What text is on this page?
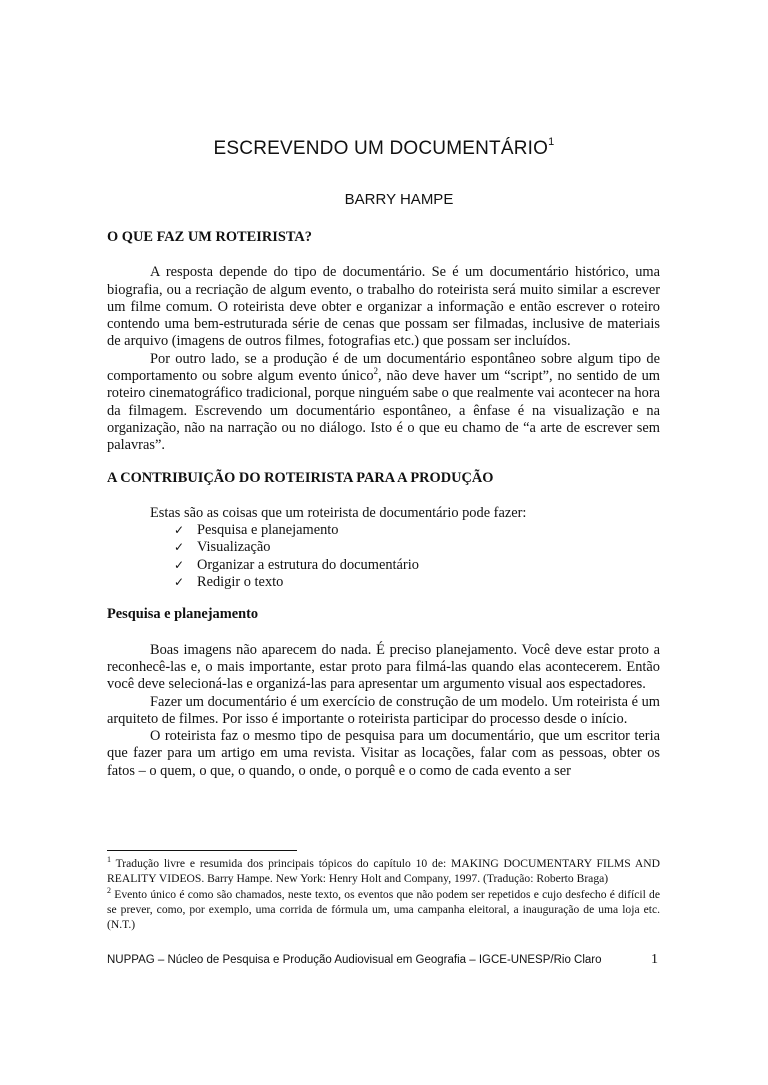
ESCREVENDO UM DOCUMENTÁRIO$^1$
BARRY HAMPE
O QUE FAZ UM ROTEIRISTA?

A resposta depende do tipo de documentário. Se é um documentário histórico, uma biografia, ou a recriação de algum evento, o trabalho do roteirista será muito similar a escrever um filme comum. O roteirista deve obter e organizar a informação e então escrever o roteiro contendo uma bem-estruturada série de cenas que possam ser filmadas, inclusive de materiais de arquivo (imagens de outros filmes, fotografias etc.) que possam ser incluídos.

Por outro lado, se a produção é de um documentário espontâneo sobre algum tipo de comportamento ou sobre algum evento único$^2$, não deve haver um “script”, no sentido de um roteiro cinematográfico tradicional, porque ninguém sabe o que realmente vai acontecer na hora da filmagem. Escrevendo um documentário espontâneo, a ênfase é na visualização e na organização, não na narração ou no diálogo. Isto é o que eu chamo de “a arte de escrever sem palavras”.

A CONTRIBUIÇÃO DO ROTEIRISTA PARA A PRODUÇÃO

Estas são as coisas que um roteirista de documentário pode fazer:

✓ Pesquisa e planejamento
✓ Visualização
✓ Organizar a estrutura do documentário
✓ Redigir o texto
Pesquisa e planejamento

Boas imagens não aparecem do nada. É preciso planejamento. Você deve estar proto a reconhecê-las e, o mais importante, estar proto para filmá-las quando elas acontecerem. Então você deve selecioná-las e organizá-las para apresentar um argumento visual aos espectadores.

Fazer um documentário é um exercício de construção de um modelo. Um roteirista é um arquiteto de filmes. Por isso é importante o roteirista participar do processo desde o início.

O roteirista faz o mesmo tipo de pesquisa para um documentário, que um escritor teria que fazer para um artigo em uma revista. Visitar as locações, falar com as pessoas, obter os fatos – o quem, o que, o quando, o onde, o porquê e o como de cada evento a ser

$^1$ Tradução livre e resumida dos principais tópicos do capítulo 10 de: MAKING DOCUMENTARY FILMS AND REALITY VIDEOS. Barry Hampe. New York: Henry Holt and Company, 1997. (Tradução: Roberto Braga)
$^2$ Evento único é como são chamados, neste texto, os eventos que não podem ser repetidos e cujo desfecho é difícil de se prever, como, por exemplo, uma corrida de fórmula um, uma campanha eleitoral, a inauguração de uma loja etc. (N.T.)
NUPPAG – Núcleo de Pesquisa e Produção Audiovisual em Geografia – IGCE-UNESP/Rio Claro	1
